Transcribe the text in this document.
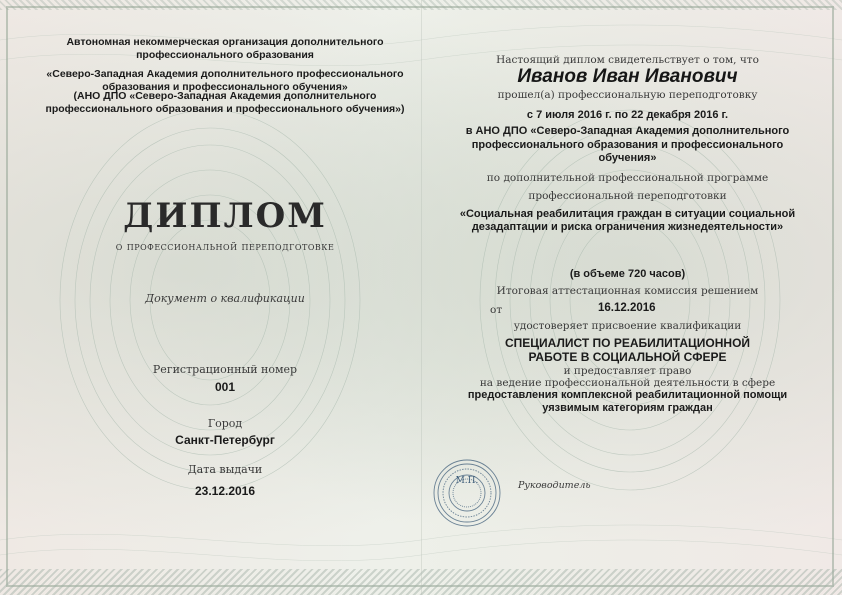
Автономная некоммерческая организация дополнительного
профессионального образования
«Северо-Западная Академия дополнительного профессионального
образования и профессионального обучения»
(АНО ДПО «Северо-Западная Академия дополнительного
профессионального образования и профессионального обучения»)
ДИПЛОМ
о профессиональной переподготовке
Документ о квалификации
Регистрационный номер
001
Город
Санкт-Петербург
Дата выдачи
23.12.2016
Настоящий диплом свидетельствует о том, что
Иванов Иван Иванович
прошел(а) профессиональную переподготовку
с 7 июля 2016 г. по 22 декабря 2016 г.
в АНО ДПО «Северо-Западная Академия дополнительного
профессионального образования и профессионального
обучения»
по дополнительной профессиональной программе
профессиональной переподготовки
«Социальная реабилитация граждан в ситуации социальной
дезадаптации и риска ограничения жизнедеятельности»
(в объеме 720 часов)
Итоговая аттестационная комиссия решением
от	16.12.2016
удостоверяет присвоение квалификации
СПЕЦИАЛИСТ ПО РЕАБИЛИТАЦИОННОЙ
РАБОТЕ В СОЦИАЛЬНОЙ СФЕРЕ
и предоставляет право
на ведение профессиональной деятельности в сфере
предоставления комплексной реабилитационной помощи
уязвимым категориям граждан
М.П.	Руководитель
